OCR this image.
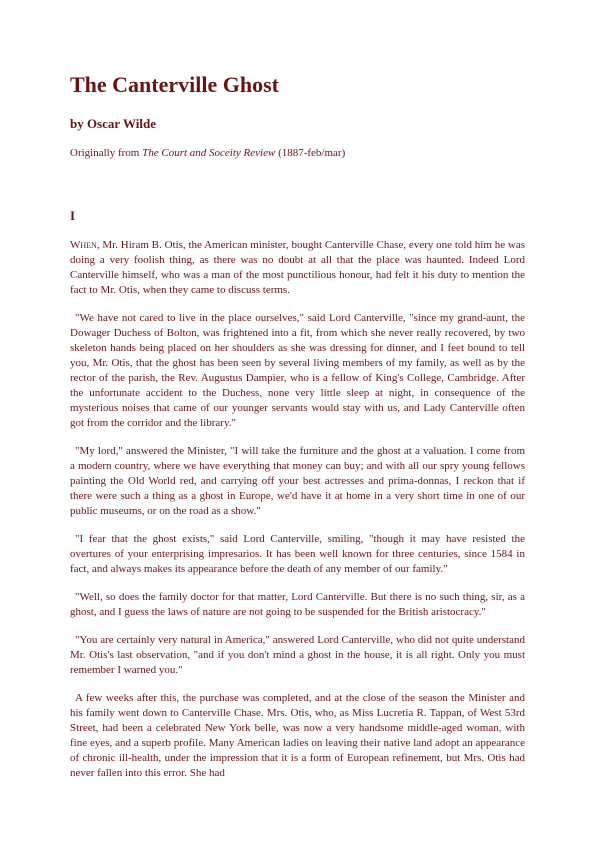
The Canterville Ghost

by Oscar Wilde

Originally from The Court and Soceity Review (1887-feb/mar)

I

When, Mr. Hiram B. Otis, the American minister, bought Canterville Chase, every one told him he was doing a very foolish thing, as there was no doubt at all that the place was haunted. Indeed Lord Canterville himself, who was a man of the most punctilious honour, had felt it his duty to mention the fact to Mr. Otis, when they came to discuss terms.

"We have not cared to live in the place ourselves," said Lord Canterville, "since my grand-aunt, the Dowager Duchess of Bolton, was frightened into a fit, from which she never really recovered, by two skeleton hands being placed on her shoulders as she was dressing for dinner, and I feet bound to tell you, Mr. Otis, that the ghost has been seen by several living members of my family, as well as by the rector of the parish, the Rev. Augustus Dampier, who is a fellow of King's College, Cambridge. After the unfortunate accident to the Duchess, none very little sleep at night, in consequence of the mysterious noises that came of our younger servants would stay with us, and Lady Canterville often got from the corridor and the library."

"My lord," answered the Minister, "I will take the furniture and the ghost at a valuation. I come from a modern country, where we have everything that money can buy; and with all our spry young fellows painting the Old World red, and carrying off your best actresses and prima-donnas, I reckon that if there were such a thing as a ghost in Europe, we'd have it at home in a very short time in one of our public museums, or on the road as a show."

"I fear that the ghost exists," said Lord Canterville, smiling, "though it may have resisted the overtures of your enterprising impresarios. It has been well known for three centuries, since 1584 in fact, and always makes its appearance before the death of any member of our family."

"Well, so does the family doctor for that matter, Lord Canterville. But there is no such thing, sir, as a ghost, and I guess the laws of nature are not going to be suspended for the British aristocracy."

"You are certainly very natural in America," answered Lord Canterville, who did not quite understand Mr. Otis's last observation, "and if you don't mind a ghost in the house, it is all right. Only you must remember I warned you."

A few weeks after this, the purchase was completed, and at the close of the season the Minister and his family went down to Canterville Chase. Mrs. Otis, who, as Miss Lucretia R. Tappan, of West 53rd Street, had been a celebrated New York belle, was now a very handsome middle-aged woman, with fine eyes, and a superb profile. Many American ladies on leaving their native land adopt an appearance of chronic ill-health, under the impression that it is a form of European refinement, but Mrs. Otis had never fallen into this error. She had
